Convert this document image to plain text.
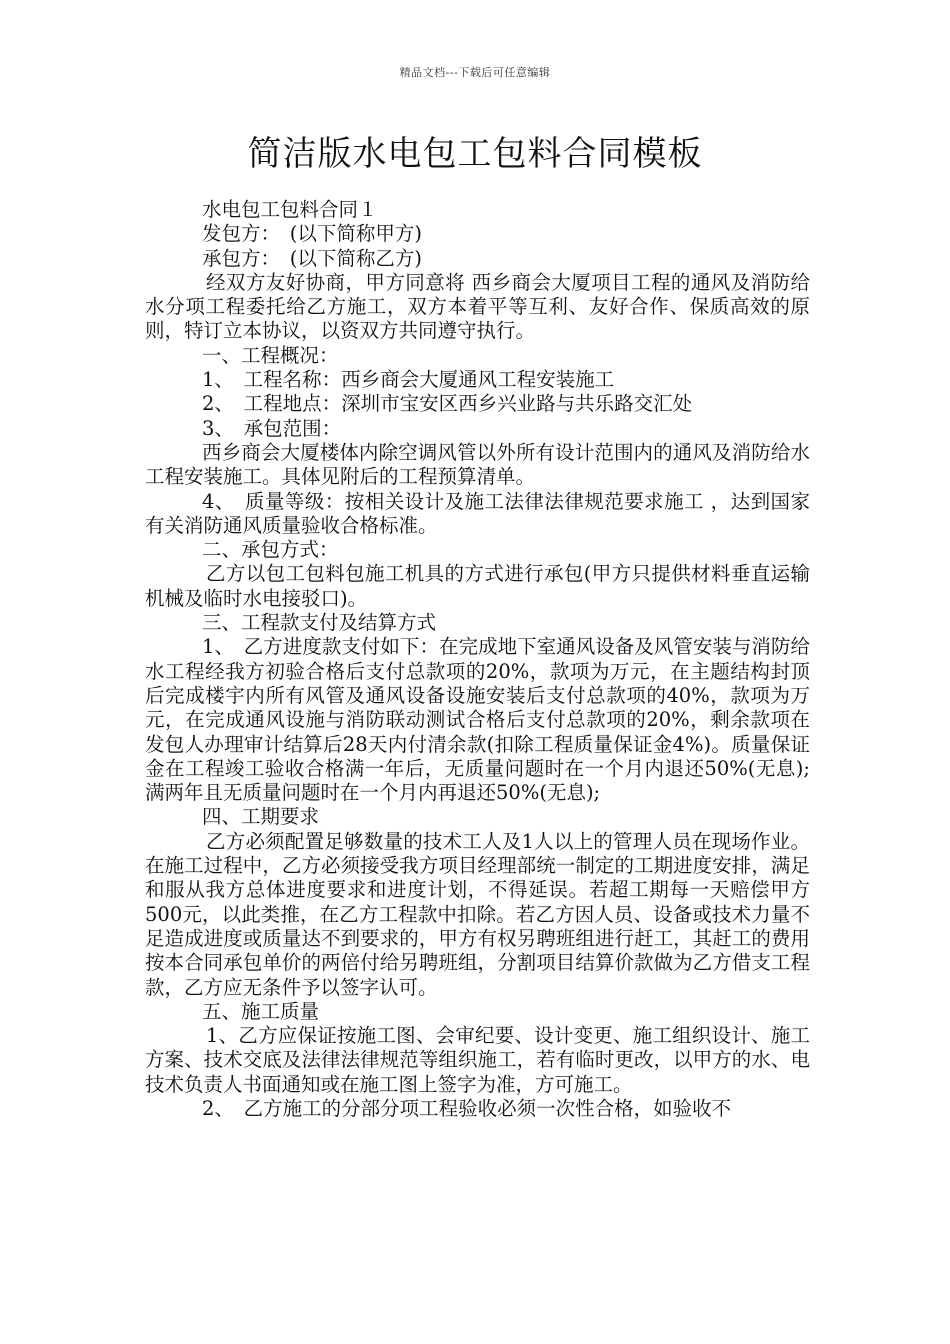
精品文档---下载后可任意编辑
简洁版水电包工包料合同模板

水电包工包料合同１

发包方：　(以下简称甲方)

承包方：　(以下简称乙方)

经双方友好协商，甲方同意将 西乡商会大厦项目工程的通风及消防给水分项工程委托给乙方施工，双方本着平等互利、友好合作、保质高效的原则，特订立本协议，以资双方共同遵守执行。

一、工程概况：

1、　工程名称：西乡商会大厦通风工程安装施工

2、　工程地点：深圳市宝安区西乡兴业路与共乐路交汇处

3、　承包范围：

西乡商会大厦楼体内除空调风管以外所有设计范围内的通风及消防给水工程安装施工。具体见附后的工程预算清单。

4、　质量等级：按相关设计及施工法律法律规范要求施工 ，达到国家有关消防通风质量验收合格标准。

二、承包方式：

乙方以包工包料包施工机具的方式进行承包(甲方只提供材料垂直运输机械及临时水电接驳口)。

三、工程款支付及结算方式

1、　乙方进度款支付如下：在完成地下室通风设备及风管安装与消防给水工程经我方初验合格后支付总款项的20%，款项为万元，在主题结构封顶后完成楼宇内所有风管及通风设备设施安装后支付总款项的40%，款项为万元，在完成通风设施与消防联动测试合格后支付总款项的20%，剩余款项在发包人办理审计结算后28天内付清余款(扣除工程质量保证金4%)。质量保证金在工程竣工验收合格满一年后，无质量问题时在一个月内退还50%(无息);满两年且无质量问题时在一个月内再退还50%(无息);

四、工期要求

乙方必须配置足够数量的技术工人及1人以上的管理人员在现场作业。在施工过程中，乙方必须接受我方项目经理部统一制定的工期进度安排，满足和服从我方总体进度要求和进度计划，不得延误。若超工期每一天赔偿甲方500元，以此类推，在乙方工程款中扣除。若乙方因人员、设备或技术力量不足造成进度或质量达不到要求的，甲方有权另聘班组进行赶工，其赶工的费用按本合同承包单价的两倍付给另聘班组，分割项目结算价款做为乙方借支工程款，乙方应无条件予以签字认可。

五、施工质量

1、乙方应保证按施工图、会审纪要、设计变更、施工组织设计、施工方案、技术交底及法律法律规范等组织施工，若有临时更改，以甲方的水、电技术负责人书面通知或在施工图上签字为准，方可施工。

2、　乙方施工的分部分项工程验收必须一次性合格，如验收不
